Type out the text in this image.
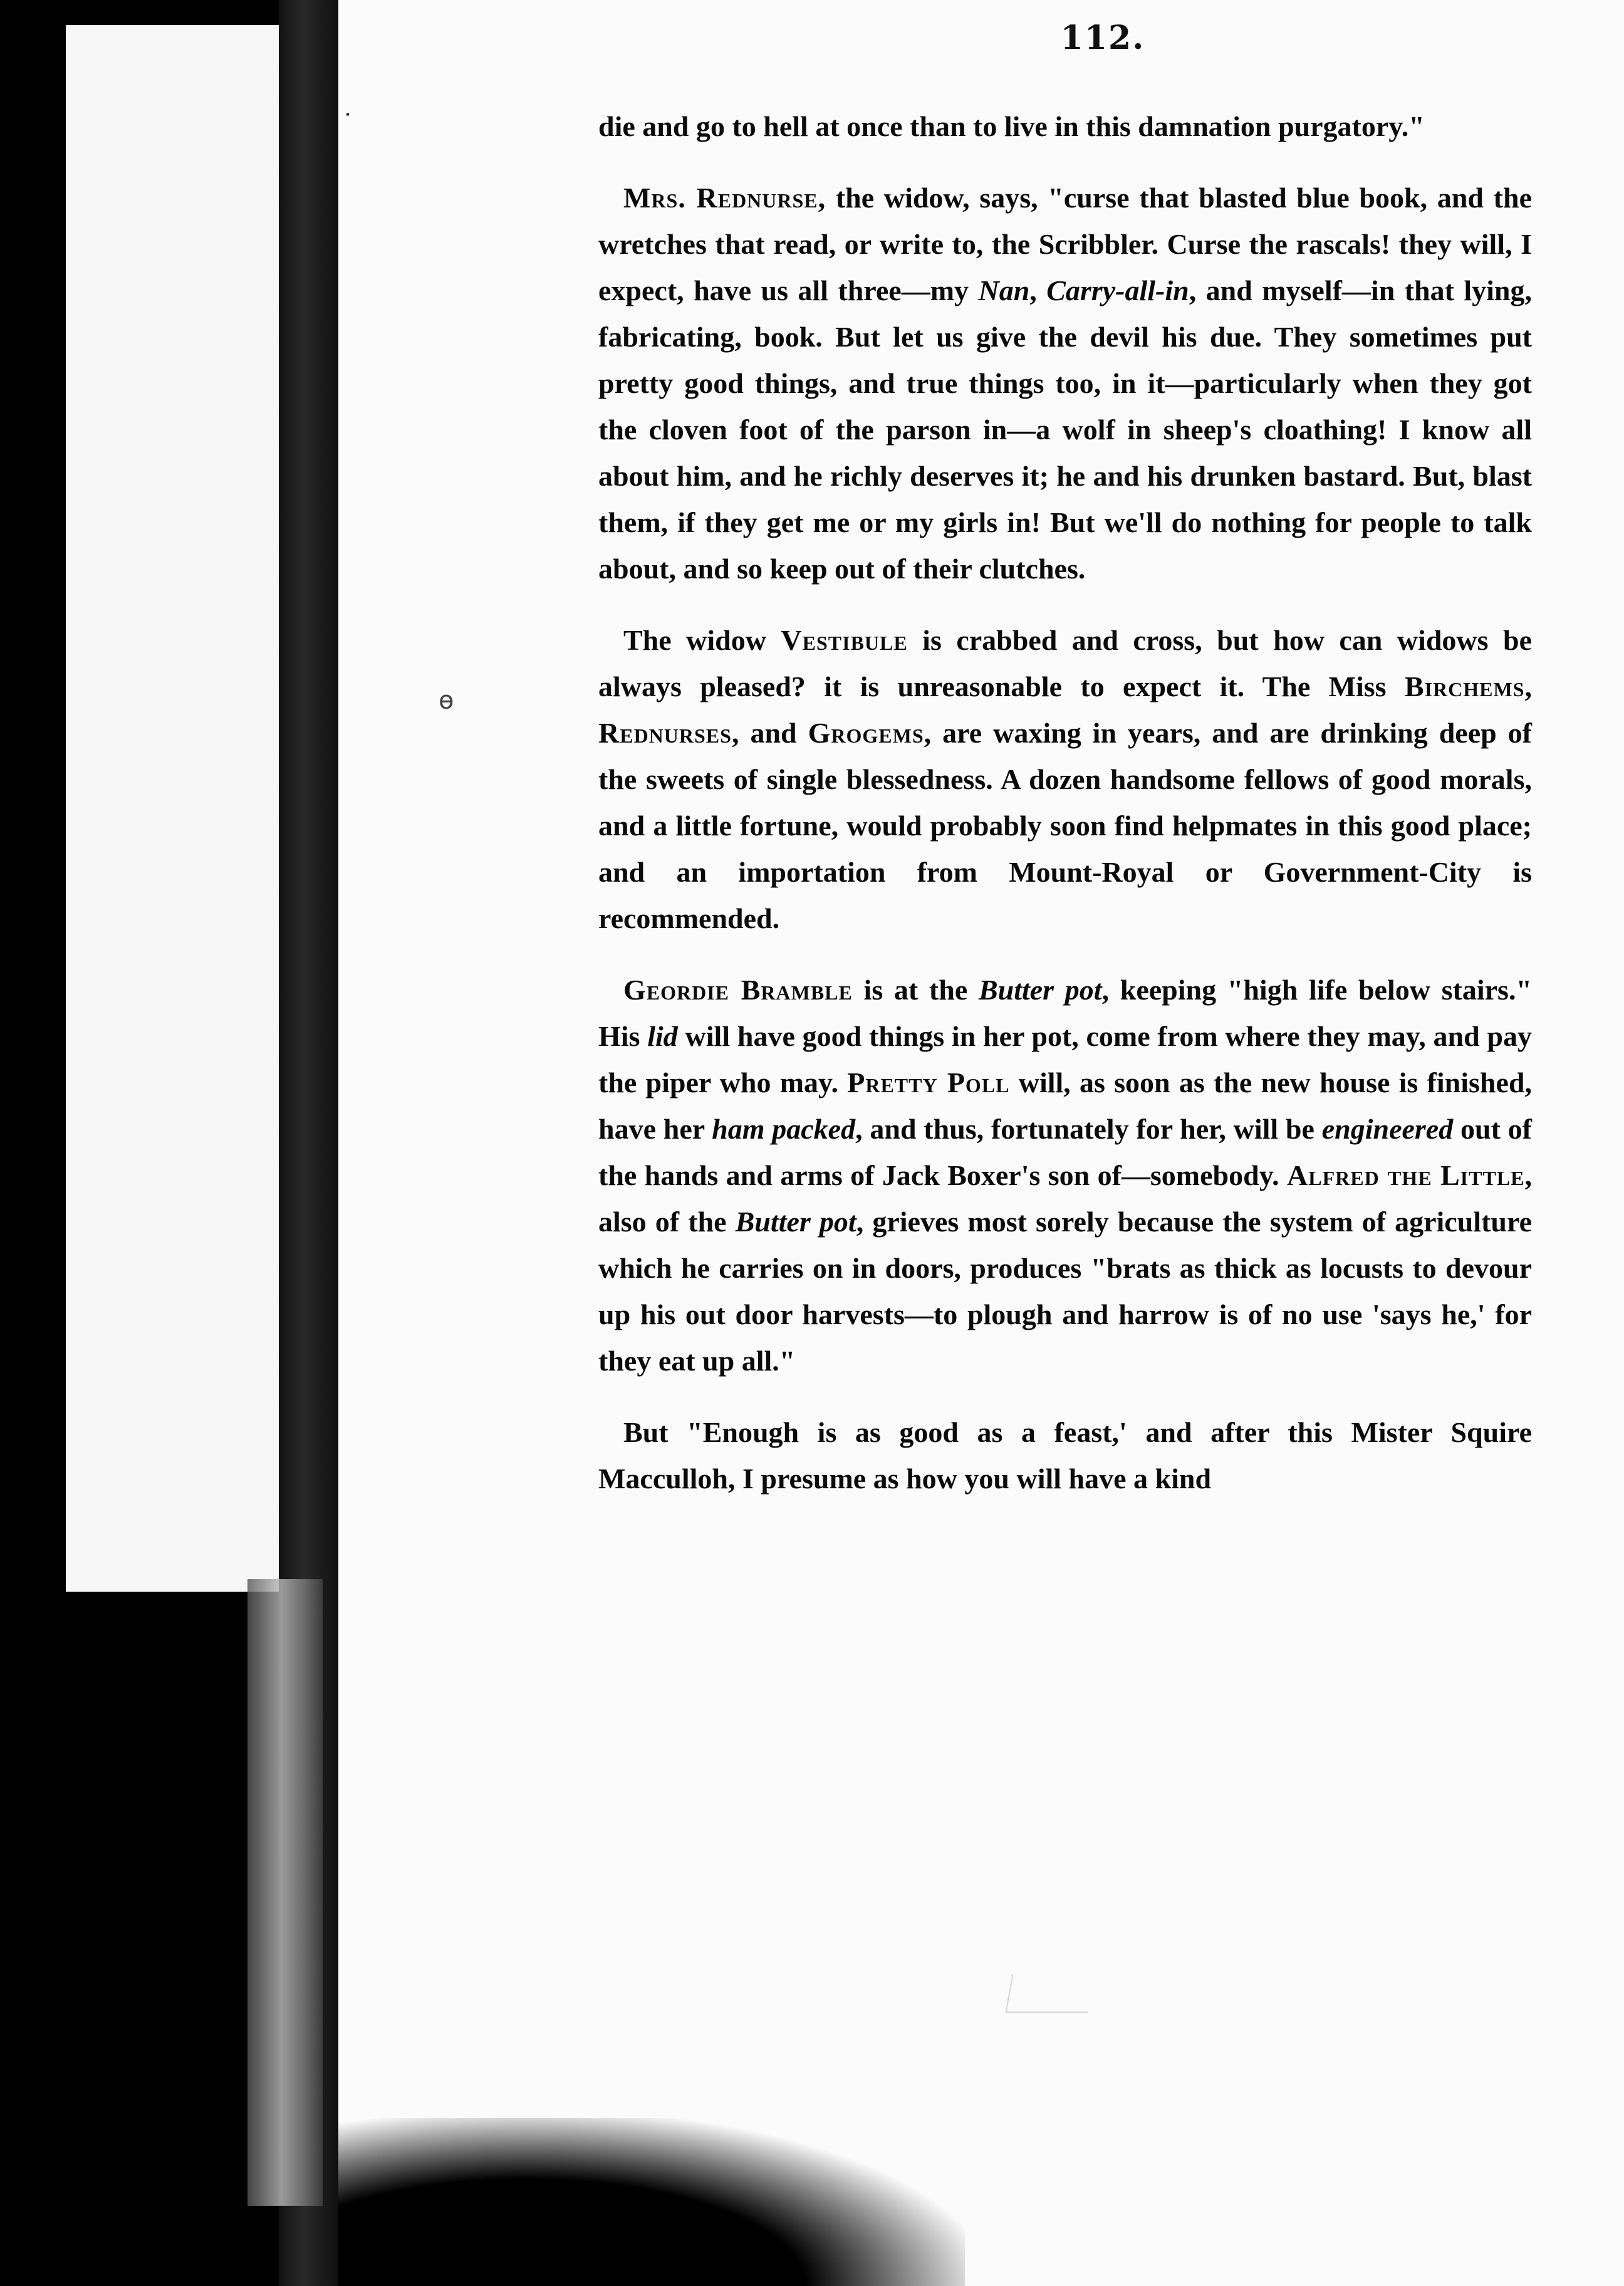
˙
ɵ
112.

die and go to hell at once than to live in this damnation purgatory."

Mrs. Rednurse, the widow, says, "curse that blasted blue book, and the wretches that read, or write to, the Scribbler. Curse the rascals! they will, I expect, have us all three—my Nan, Carry-all-in, and myself—in that lying, fabricating, book. But let us give the devil his due. They sometimes put pretty good things, and true things too, in it—particularly when they got the cloven foot of the parson in—a wolf in sheep's cloathing! I know all about him, and he richly deserves it; he and his drunken bastard. But, blast them, if they get me or my girls in! But we'll do nothing for people to talk about, and so keep out of their clutches.

The widow Vestibule is crabbed and cross, but how can widows be always pleased? it is unreasonable to expect it. The Miss Birchems, Rednurses, and Grogems, are waxing in years, and are drinking deep of the sweets of single blessedness. A dozen handsome fellows of good morals, and a little fortune, would probably soon find helpmates in this good place; and an importation from Mount-Royal or Government-City is recommended.

Geordie Bramble is at the Butter pot, keeping "high life below stairs." His lid will have good things in her pot, come from where they may, and pay the piper who may. Pretty Poll will, as soon as the new house is finished, have her ham packed, and thus, fortunately for her, will be engineered out of the hands and arms of Jack Boxer's son of—somebody. Alfred the Little, also of the Butter pot, grieves most sorely because the system of agriculture which he carries on in doors, produces "brats as thick as locusts to devour up his out door harvests—to plough and harrow is of no use 'says he,' for they eat up all."

But "Enough is as good as a feast,' and after this Mister Squire Macculloh, I presume as how you will have a kind
